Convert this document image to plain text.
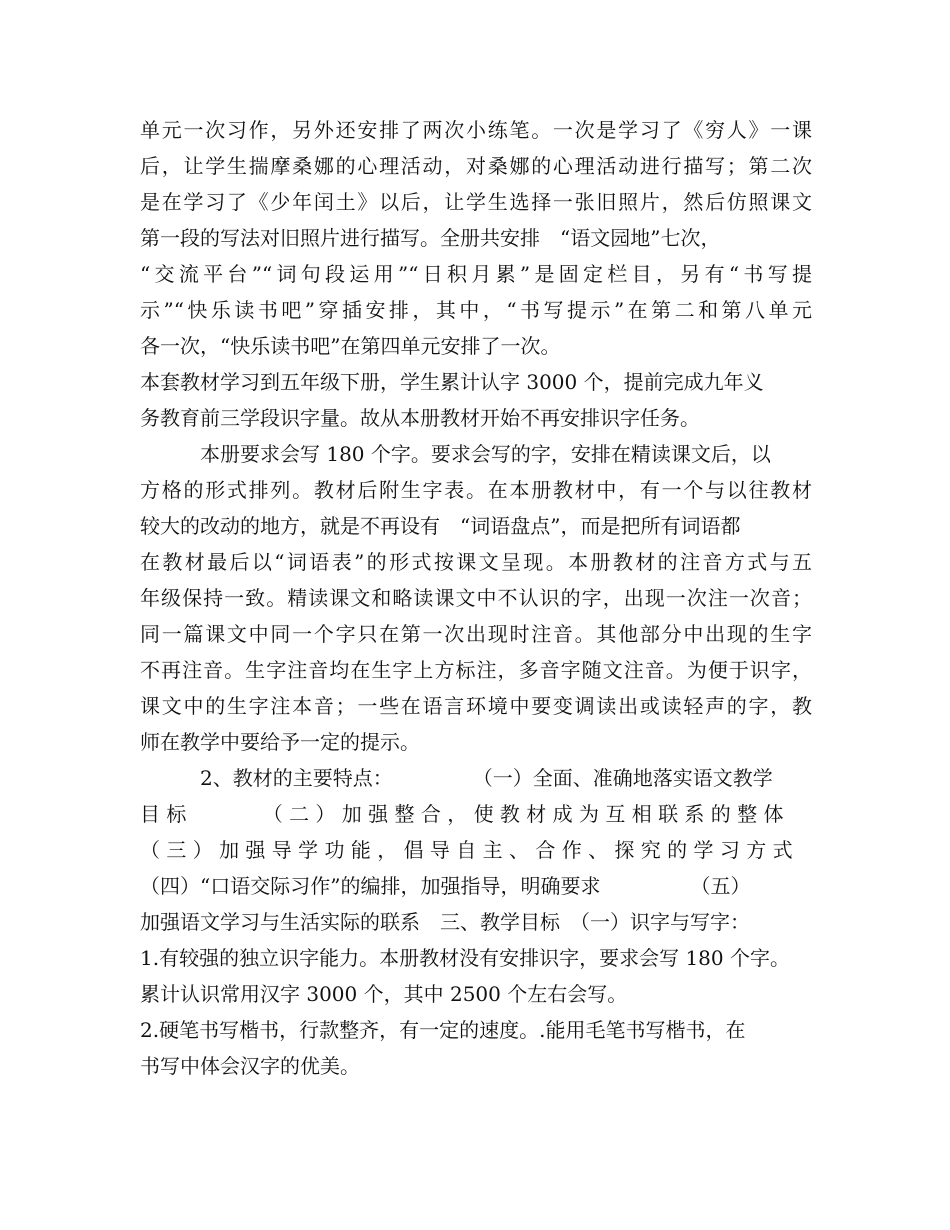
单元一次习作，另外还安排了两次小练笔。一次是学习了《穷人》一课
后，让学生揣摩桑娜的心理活动，对桑娜的心理活动进行描写；第二次
是在学习了《少年闰土》以后，让学生选择一张旧照片，然后仿照课文
第一段的写法对旧照片进行描写。全册共安排　“语文园地”七次，
“交流平台”“词句段运用”“日积月累”是固定栏目，另有“书写提
示”“快乐读书吧”穿插安排，其中，“书写提示”在第二和第八单元
各一次，“快乐读书吧”在第四单元安排了一次。
本套教材学习到五年级下册，学生累计认字 3000 个，提前完成九年义
务教育前三学段识字量。故从本册教材开始不再安排识字任务。
　　　本册要求会写 180 个字。要求会写的字，安排在精读课文后，以
方格的形式排列。教材后附生字表。在本册教材中，有一个与以往教材
较大的改动的地方，就是不再设有　“词语盘点”，而是把所有词语都
在教材最后以“词语表”的形式按课文呈现。本册教材的注音方式与五
年级保持一致。精读课文和略读课文中不认识的字，出现一次注一次音；
同一篇课文中同一个字只在第一次出现时注音。其他部分中出现的生字
不再注音。生字注音均在生字上方标注，多音字随文注音。为便于识字，
课文中的生字注本音；一些在语言环境中要变调读出或读轻声的字，教
师在教学中要给予一定的提示。
　　　2、教材的主要特点：　　　　　（一）全面、准确地落实语文教学
目 标 　　　　（ 二 ） 加 强 整 合 ， 使 教 材 成 为 互 相 联 系 的 整 体
（ 三 ） 加 强 导 学 功 能 ， 倡 导 自 主 、 合 作 、 探 究 的 学 习 方 式
（四）“口语交际习作”的编排，加强指导，明确要求　　　　　（五）
加强语文学习与生活实际的联系　三、教学目标　（一）识字与写字：
1.有较强的独立识字能力。本册教材没有安排识字，要求会写 180 个字。
累计认识常用汉字 3000 个，其中 2500 个左右会写。
2.硬笔书写楷书，行款整齐，有一定的速度。.能用毛笔书写楷书，在
书写中体会汉字的优美。
